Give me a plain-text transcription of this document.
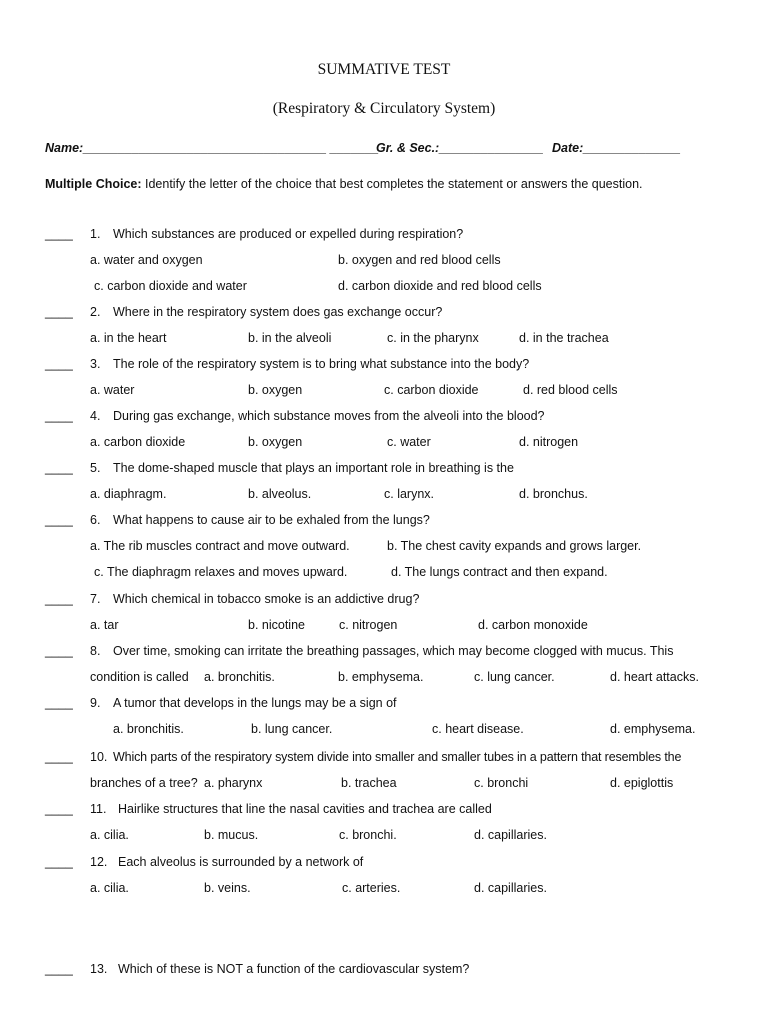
SUMMATIVE TEST
(Respiratory & Circulatory System)
Name:___________________________________ _______
Gr. & Sec.:_______________ Date:______________
Multiple Choice: Identify the letter of the choice that best completes the statement or answers the question.
____ 1. Which substances are produced or expelled during respiration?
a. water and oxygen	b. oxygen and red blood cells
c. carbon dioxide and water	d. carbon dioxide and red blood cells
____ 2. Where in the respiratory system does gas exchange occur?
a. in the heart	b. in the alveoli	c. in the pharynx	d. in the trachea
____ 3. The role of the respiratory system is to bring what substance into the body?
a. water	b. oxygen	c. carbon dioxide	d. red blood cells
____ 4. During gas exchange, which substance moves from the alveoli into the blood?
a. carbon dioxide	b. oxygen	c. water	d. nitrogen
____ 5. The dome-shaped muscle that plays an important role in breathing is the
a. diaphragm.	b. alveolus.	c. larynx.	d. bronchus.
____ 6. What happens to cause air to be exhaled from the lungs?
a. The rib muscles contract and move outward.	b. The chest cavity expands and grows larger.
c. The diaphragm relaxes and moves upward.	d. The lungs contract and then expand.
____ 7. Which chemical in tobacco smoke is an addictive drug?
a. tar	b. nicotine	c. nitrogen	d. carbon monoxide
____ 8. Over time, smoking can irritate the breathing passages, which may become clogged with mucus. This
condition is called a. bronchitis.	b. emphysema.	c. lung cancer.	d. heart attacks.
____ 9. A tumor that develops in the lungs may be a sign of
a. bronchitis.	b. lung cancer.	c. heart disease.	d. emphysema.
____ 10. Which parts of the respiratory system divide into smaller and smaller tubes in a pattern that resembles the
branches of a tree? a. pharynx	b. trachea	c. bronchi	d. epiglottis
____ 11. Hairlike structures that line the nasal cavities and trachea are called
a. cilia.	b. mucus.	c. bronchi.	d. capillaries.
____ 12. Each alveolus is surrounded by a network of
a. cilia.	b. veins.	c. arteries.	d. capillaries.
____ 13. Which of these is NOT a function of the cardiovascular system?
